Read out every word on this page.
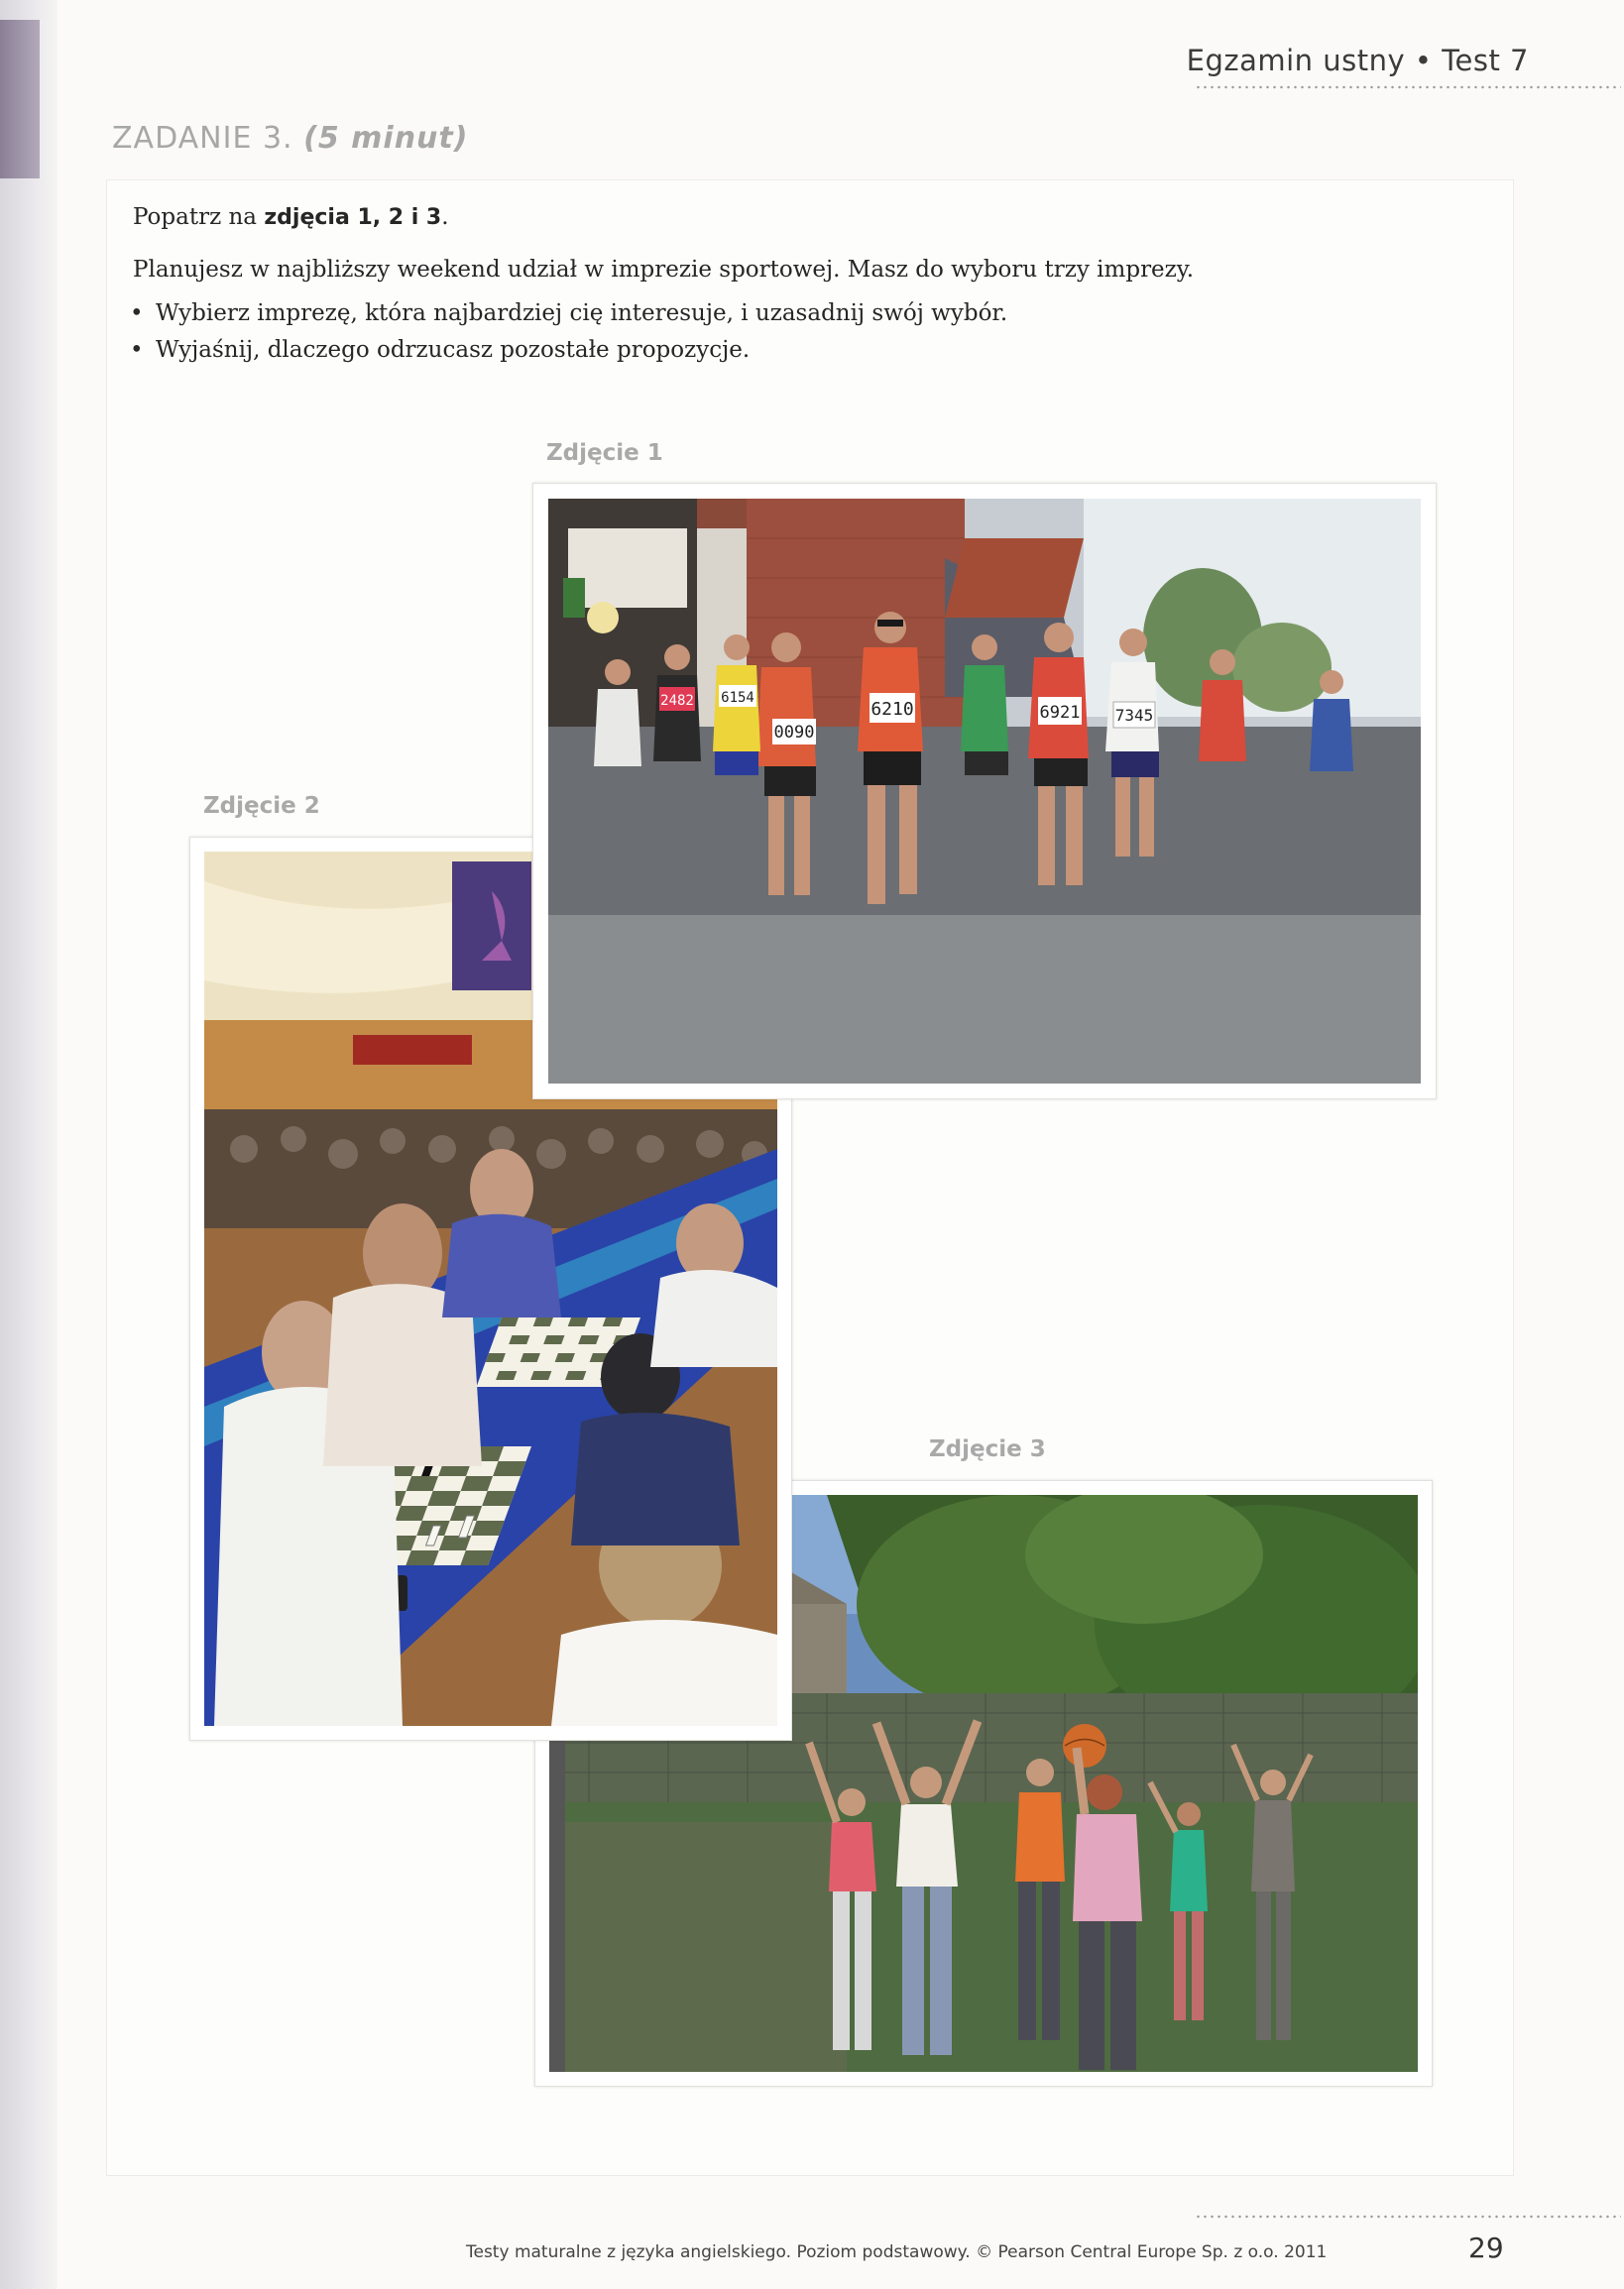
Egzamin ustny • Test 7
ZADANIE 3. (5 minut)
Popatrz na zdjęcia 1, 2 i 3.
Planujesz w najbliższy weekend udział w imprezie sportowej. Masz do wyboru trzy imprezy.
• Wybierz imprezę, która najbardziej cię interesuje, i uzasadnij swój wybór.
• Wyjaśnij, dlaczego odrzucasz pozostałe propozycje.
Zdjęcie 1
Zdjęcie 2
Zdjęcie 3
0090
6210	6921 7345
6154
2482
Testy maturalne z języka angielskiego. Poziom podstawowy. © Pearson Central Europe Sp. z o.o. 2011	29
